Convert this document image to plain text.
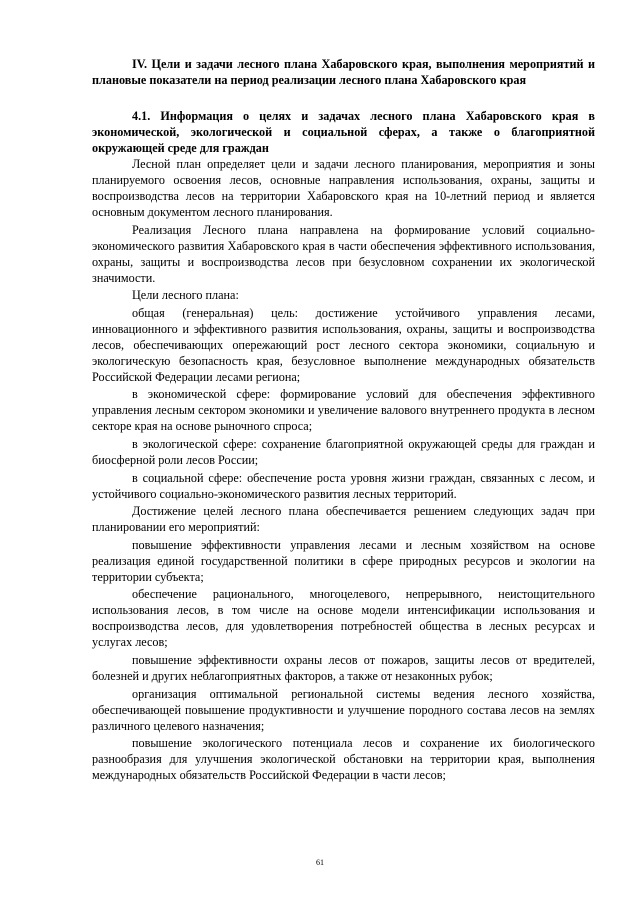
IV. Цели и задачи лесного плана Хабаровского края, выполнения мероприятий и плановые показатели на период реализации лесного плана Хабаровского края

4.1. Информация о целях и задачах лесного плана Хабаровского края в экономической, экологической и социальной сферах, а также о благоприятной окружающей среде для граждан

Лесной план определяет цели и задачи лесного планирования, мероприятия и зоны планируемого освоения лесов, основные направления использования, охраны, защиты и воспроизводства лесов на территории Хабаровского края на 10-летний период и является основным документом лесного планирования.

Реализация Лесного плана направлена на формирование условий социально-экономического развития Хабаровского края в части обеспечения эффективного использования, охраны, защиты и воспроизводства лесов при безусловном сохранении их экологической значимости.

Цели лесного плана:

общая (генеральная) цель: достижение устойчивого управления лесами, инновационного и эффективного развития использования, охраны, защиты и воспроизводства лесов, обеспечивающих опережающий рост лесного сектора экономики, социальную и экологическую безопасность края, безусловное выполнение международных обязательств Российской Федерации лесами региона;

в экономической сфере: формирование условий для обеспечения эффективного управления лесным сектором экономики и увеличение валового внутреннего продукта в лесном секторе края на основе рыночного спроса;

в экологической сфере: сохранение благоприятной окружающей среды для граждан и биосферной роли лесов России;

в социальной сфере: обеспечение роста уровня жизни граждан, связанных с лесом, и устойчивого социально-экономического развития лесных территорий.

Достижение целей лесного плана обеспечивается решением следующих задач при планировании его мероприятий:

повышение эффективности управления лесами и лесным хозяйством на основе реализация единой государственной политики в сфере природных ресурсов и экологии на территории субъекта;

обеспечение рационального, многоцелевого, непрерывного, неистощительного использования лесов, в том числе на основе модели интенсификации использования и воспроизводства лесов, для удовлетворения потребностей общества в лесных ресурсах и услугах лесов;

повышение эффективности охраны лесов от пожаров, защиты лесов от вредителей, болезней и других неблагоприятных факторов, а также от незаконных рубок;

организация оптимальной региональной системы ведения лесного хозяйства, обеспечивающей повышение продуктивности и улучшение породного состава лесов на землях различного целевого назначения;

повышение экологического потенциала лесов и сохранение их биологического разнообразия для улучшения экологической обстановки на территории края, выполнения международных обязательств Российской Федерации в части лесов;

61
